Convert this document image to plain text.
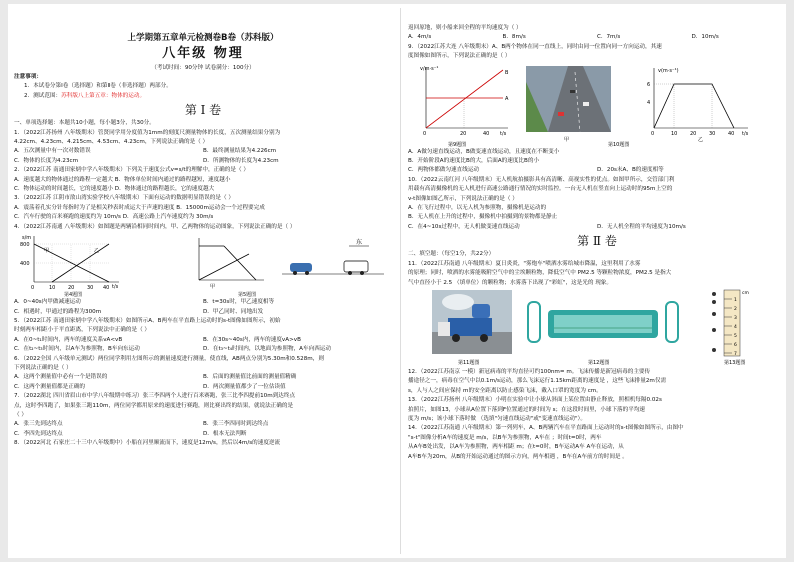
上学期第五章单元检测卷B卷（苏科版）
八年级 物理
（考试时间：90分钟 试卷满分：100分）
注意事项：
1．本试卷分第Ⅰ卷（选择题）和第Ⅱ卷（非选择题）两部分。
2．测试范围：苏科版八上第五章：物体的运动。
第 Ⅰ 卷
一、单项选择题：本题共10小题，每小题3分，共30分。
1．（2022江苏扬州 八年级期末）管贤同学用分度值为1mm的刻度尺测量物体的长度，五次测量结果分别为
4.22cm、4.23cm、4.215cm、4.53cm、4.23cm，下列说法正确的是（ ）
A．五次测量中有一次对数错误	B．最终测量结果为4.226cm
C．物体的长度为4.23cm	D．所测物体的长度为4.23cm
2．（2022江苏 南通田家炳中学八年级期末）下列关于速度公式v=s/t的理解中，正确的是（ ）
A．速度越大的物体通过的路程一定越大 B．物体单位时间内通过的路程越短，速度越小
C．物体运动的时间越长，它的速度越小 D．物体通过的路程越长，它的速度越大
3．（2022江苏 江阴市敔山湾实验学校八年级期末）下面有运动的数据明显错误的是（ ）
A．震荡着孔实分针每指时为了是相关秒表时成运大于声速的速度 B．15000m运动会一个过程要完成
C．汽车行驶的百米赛跑的速度约为 10m/s D．高速公路上汽车速度约为 30m/s
4．（2022江苏南通 八年级期末）如图题是两辆沿相同时间内，甲、乙两物体的运动图象，下列说法正确的是（ ）
s/m
t/s
800
400
0	10	20	30 40
甲	乙
甲
东
第4题图	第5题图
A．0~40s内甲做减速运动	B．t=30s时，甲乙速度相等
C．相遇时，甲通过的路程为300m	D．甲乙同时、同地出发
5．（2022江苏 南通田家炳中学八年级期末）如图所示A、B两车在平直路上运动时的s-t图像如图所示，初始
时刻两车相距小于平直距离，下列说法中正确的是（ ）
A．在0~t₁时间内，两车的速度关系vA<vB	B．在30s~40s内，两车的速度vA>vB
C．在t₂~t₃时间内，以A车为参照物，B车向东运动	D．在t₃~t₄时间内，以地面为参照物，A车向西运动
6．（2022全国 八年级单元测试）两位同学利用左图所示的测量速度进行测量，使直线，AB两点分别为5.30m和0.528m，则
下列说法正确的是（ ）
A．这两个测量值中必有一个是错误的	B．后面的测量值比前面的测量值精确
C．这两个测量值都是正确的	D．两次测量值都少了一位估读值
7．（2022湖北 四川省眉山市中学八年级期中练习）张三李四两个人进行百米赛跑，张三比李四提前10m到达终点
点，这时李四跑了，如果张三跑110m，两位同学都用原来的速度进行赛跑，则比赛出终的结果，就说法正确的是
（ ）
A．张三先到达终点	B．张三李四同时到达终点
C．李四先到达终点	D．根本无法判断
8．（2022河北 石家庄二十三中八年级期中）小船在河里顺流而下，速度是12m/s，然后以4m/s的速度逆流
返回原地，则小船来回全程的平均速度为（ ）
A．4m/s	B．8m/s	C．7m/s	D．10m/s
9．（2022江苏大连 八年级期末）A、B两个物体在同一直线上，同时由同一位置向同一方向运动，其速
度图像如图所示，下列说法正确的是（ ）
v/m·s⁻¹
t/s
0	20	40
A
B	v(m·s⁻¹)
t/s
6
4
0	10	20	30	40
甲	乙
第9题图	第10题图
A．A做匀速直线运动，B做变速直线运动，且速度在不断变小
B．开始阶段A的速度比B的大，后面A的速度比B的小
C．两物体都做匀速直线运动	D．20s末A、B的速度相等
10．（2022云南红河 八年级期末）无人机航拍摄影具有高清晰、高视实性的优点。如图甲所示，交管部门利
用载有高清摄像机的无人机进行高速公路通行情况的实时监控。一台无人机在竖直向上运动时的95m上空的
v-t图像如图乙所示，下列说法正确的是（ ）
A．在飞行过程中，以无人机为参照物，摄像机是运动的
B．无人机在上升的过程中，摄像机中拍摄到的景物都是静止
C．在4~10s过程中，无人机做变速直线运动	D．无人机全程的平均速度为10m/s
第 Ⅱ 卷
二、填空题：（每空1分，共22分）
11．（2022江苏南通 八年级期末）夏日炎炎，"雾炮车"喷洒水雾给城市降温，这里利用了水雾
的原理；同时，喷洒的水雾能吸附空气中的尘埃颗粒物，降低空气中 PM2.5 等颗粒物浓度，PM2.5 是指大
气中直径小于 2.5 （填单位）的颗粒物；水雾落下出现了"彩虹"，这是光的 现象。
1
2
3
4
5
6
7
cm
第11题图	第12题图	第13题图
12．（2022江苏南京 一模）新冠病毒的平均直径可约100nm= m。飞沫传播是新冠病毒的主要传
播途径之一，病毒在空气中以0.1m/s运动，那么飞沫运行1.15km距离的速度是 ，这些飞沫排量2m仅需
s，人与人之间应保持 m的安全距离以防止感染飞沫，戴入口罩的宽度为 cm。
13．（2022江苏扬州 八年级期末）小明在实验中让小球从斜面上某位置由静止释放，照相机每隔0.02s
拍照片，如图13，小球从A位置下落到F位置通过的时间为 s；在这段时间里，小球下落的平均速
度为 m/s；该小球下落时做 （选填"匀速直线运动"或"变速直线运动"）。
14．（2022江苏南通 八年级期末）第一列列车，A、B两辆汽车在平直路面上运动时的s-t图像如图所示，由图中
"s-t"图像分析A车的速度是 m/s，以B车为参照物，A车在 ；时间t=0时，两车
从A车B处出发，以A车为参照物，两车相距 m；在t=0时，B车运动A车 A车在运动，从
A车B车为20m，从B的开始运动通过的图示方向，两车相遇 ，B车在A车前方的时间是 。
